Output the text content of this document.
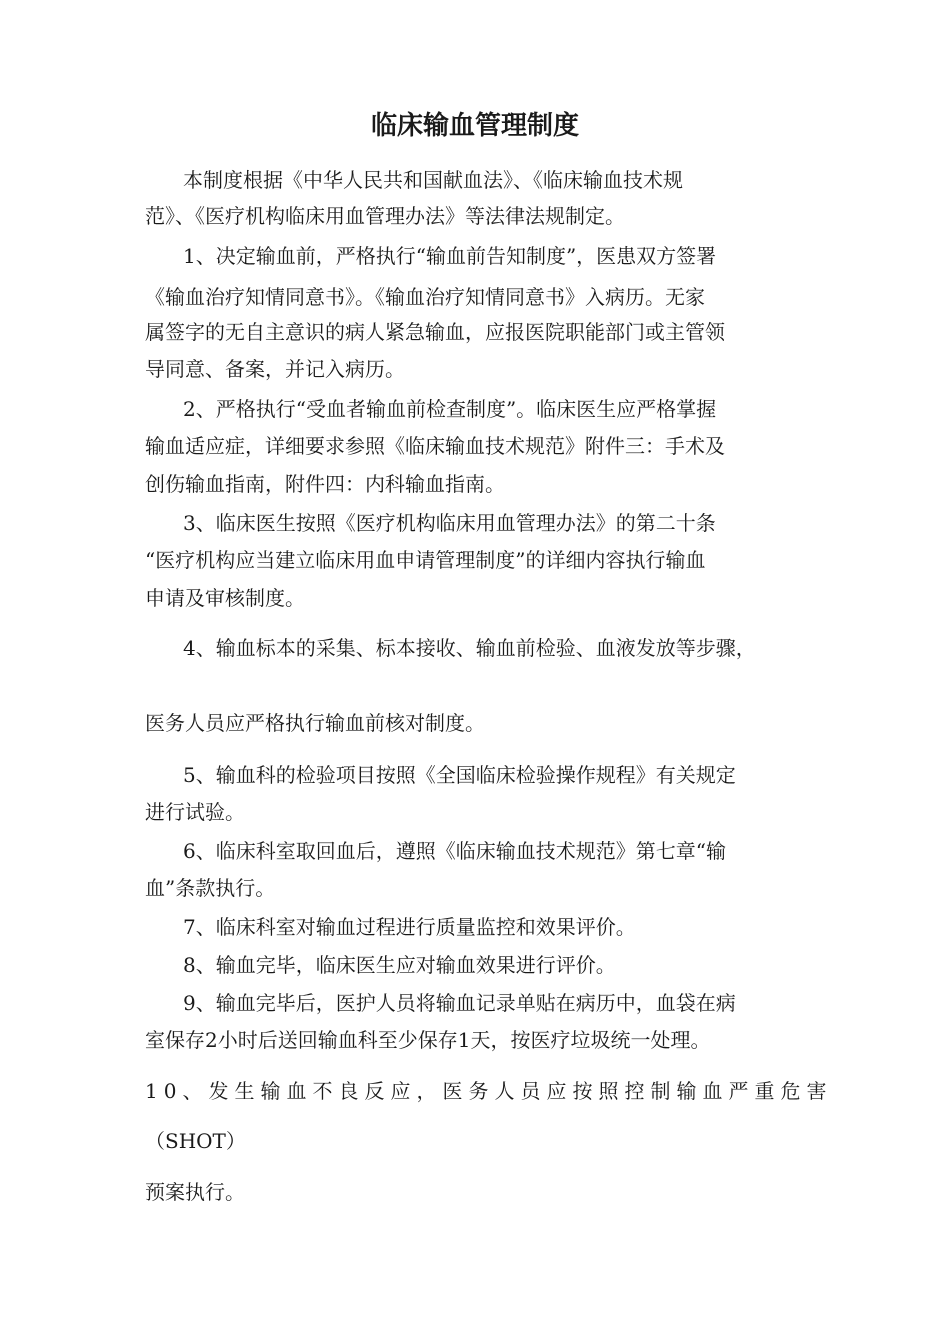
临床输血管理制度
本制度根据《中华人民共和国献血法》、《临床输血技术规
范》、《医疗机构临床用血管理办法》等法律法规制定。
1、决定输血前，严格执行“输血前告知制度”，医患双方签署
《输血治疗知情同意书》。《输血治疗知情同意书》入病历。无家
属签字的无自主意识的病人紧急输血，应报医院职能部门或主管领
导同意、备案，并记入病历。
2、严格执行“受血者输血前检查制度”。临床医生应严格掌握
输血适应症，详细要求参照《临床输血技术规范》附件三：手术及
创伤输血指南，附件四：内科输血指南。
3、临床医生按照《医疗机构临床用血管理办法》的第二十条
“医疗机构应当建立临床用血申请管理制度”的详细内容执行输血
申请及审核制度。
4、输血标本的采集、标本接收、输血前检验、血液发放等步骤，
医务人员应严格执行输血前核对制度。
5、输血科的检验项目按照《全国临床检验操作规程》有关规定
进行试验。
6、临床科室取回血后，遵照《临床输血技术规范》第七章“输
血”条款执行。
7、临床科室对输血过程进行质量监控和效果评价。
8、输血完毕，临床医生应对输血效果进行评价。
9、输血完毕后，医护人员将输血记录单贴在病历中，血袋在病
室保存2小时后送回输血科至少保存1天，按医疗垃圾统一处理。
10、发生输血不良反应，医务人员应按照控制输血严重危害
（SHOT）
预案执行。
